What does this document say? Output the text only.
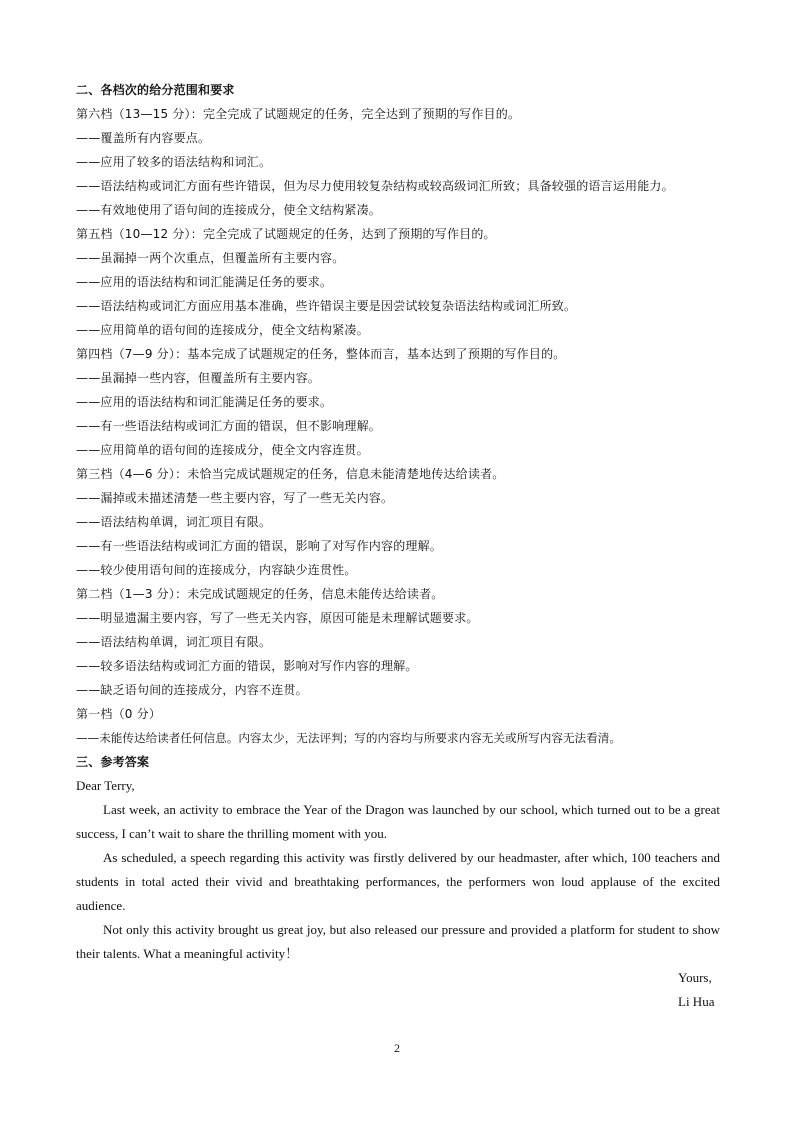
二、各档次的给分范围和要求
第六档（13—15 分）：完全完成了试题规定的任务，完全达到了预期的写作目的。
——覆盖所有内容要点。
——应用了较多的语法结构和词汇。
——语法结构或词汇方面有些许错误，但为尽力使用较复杂结构或较高级词汇所致；具备较强的语言运用能力。
——有效地使用了语句间的连接成分，使全文结构紧凑。
第五档（10—12 分）：完全完成了试题规定的任务，达到了预期的写作目的。
——虽漏掉一两个次重点，但覆盖所有主要内容。
——应用的语法结构和词汇能满足任务的要求。
——语法结构或词汇方面应用基本准确，些许错误主要是因尝试较复杂语法结构或词汇所致。
——应用简单的语句间的连接成分，使全文结构紧凑。
第四档（7—9 分）：基本完成了试题规定的任务，整体而言，基本达到了预期的写作目的。
——虽漏掉一些内容，但覆盖所有主要内容。
——应用的语法结构和词汇能满足任务的要求。
——有一些语法结构或词汇方面的错误，但不影响理解。
——应用简单的语句间的连接成分，使全文内容连贯。
第三档（4—6 分）：未恰当完成试题规定的任务，信息未能清楚地传达给读者。
——漏掉或未描述清楚一些主要内容，写了一些无关内容。
——语法结构单调，词汇项目有限。
——有一些语法结构或词汇方面的错误，影响了对写作内容的理解。
——较少使用语句间的连接成分，内容缺少连贯性。
第二档（1—3 分）：未完成试题规定的任务，信息未能传达给读者。
——明显遗漏主要内容，写了一些无关内容，原因可能是未理解试题要求。
——语法结构单调，词汇项目有限。
——较多语法结构或词汇方面的错误，影响对写作内容的理解。
——缺乏语句间的连接成分，内容不连贯。
第一档（0 分）
——未能传达给读者任何信息。内容太少，无法评判；写的内容均与所要求内容无关或所写内容无法看清。
三、参考答案
Dear Terry,

Last week, an activity to embrace the Year of the Dragon was launched by our school, which turned out to be a great success, I can’t wait to share the thrilling moment with you.

As scheduled, a speech regarding this activity was firstly delivered by our headmaster, after which, 100 teachers and students in total acted their vivid and breathtaking performances, the performers won loud applause of the excited audience.

Not only this activity brought us great joy, but also released our pressure and provided a platform for student to show their talents. What a meaningful activity！

Yours,
Li Hua
2
